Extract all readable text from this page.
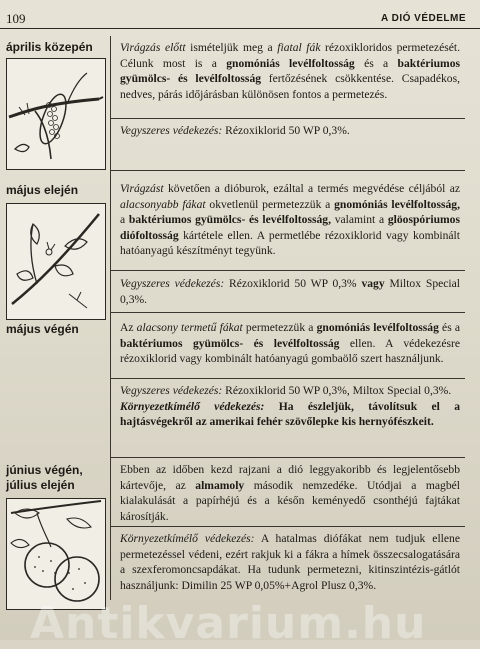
109	A DIÓ VÉDELME
április közepén Virágzás előtt ismételjük meg a fiatal fák rézoxikloridos permetezését. Célunk most is a gnomóniás levélfoltosság és a baktériumos gyümölcs- és levélfoltosság fertőzésének csökkentése. Csapadékos, nedves, párás időjárásban különösen fontos a permetezés.

Vegyszeres védekezés: Rézoxiklorid 50 WP 0,3%.

május elején	Virágzást követően a dióburok, ezáltal a termés megvédése céljából az alacsonyabb fákat okvetlenül permetezzük a gnomóniás levélfoltosság, a baktériumos gyümölcs- és levélfoltosság, valamint a glöospóriumos diófoltosság kártétele ellen. A permetlébe rézoxiklorid vagy kombinált hatóanyagú készítményt tegyünk.

Vegyszeres védekezés: Rézoxiklorid 50 WP 0,3% vagy Miltox Special 0,3%.

május végén	Az alacsony termetű fákat permetezzük a gnomóniás levélfoltosság és a baktériumos gyümölcs- és levélfoltosság ellen. A védekezésre rézoxiklorid vagy kombinált hatóanyagú gombaölő szert használjunk.

Vegyszeres védekezés: Rézoxiklorid 50 WP 0,3%, Miltox Special 0,3%.

Környezetkímélő védekezés: Ha észleljük, távolítsuk el a hajtásvégekről az amerikai fehér szövőlepke kis hernyófészkeit.

június végén, július elején

Ebben az időben kezd rajzani a dió leggyakoribb és legjelentősebb kártevője, az almamoly második nemzedéke. Utódjai a magbél kialakulását a papírhéjú és a későn keményedő csonthéjú fajtákat károsítják.

Környezetkímélő védekezés: A hatalmas diófákat nem tudjuk ellene permetezéssel védeni, ezért rakjuk ki a fákra a hímek összecsalogatására a szexferomoncsapdákat. Ha tudunk permetezni, kitinszintézis-gátlót használjunk: Dimilin 25 WP 0,05%+Agrol Plusz 0,3%.

Antikvarium.hu
